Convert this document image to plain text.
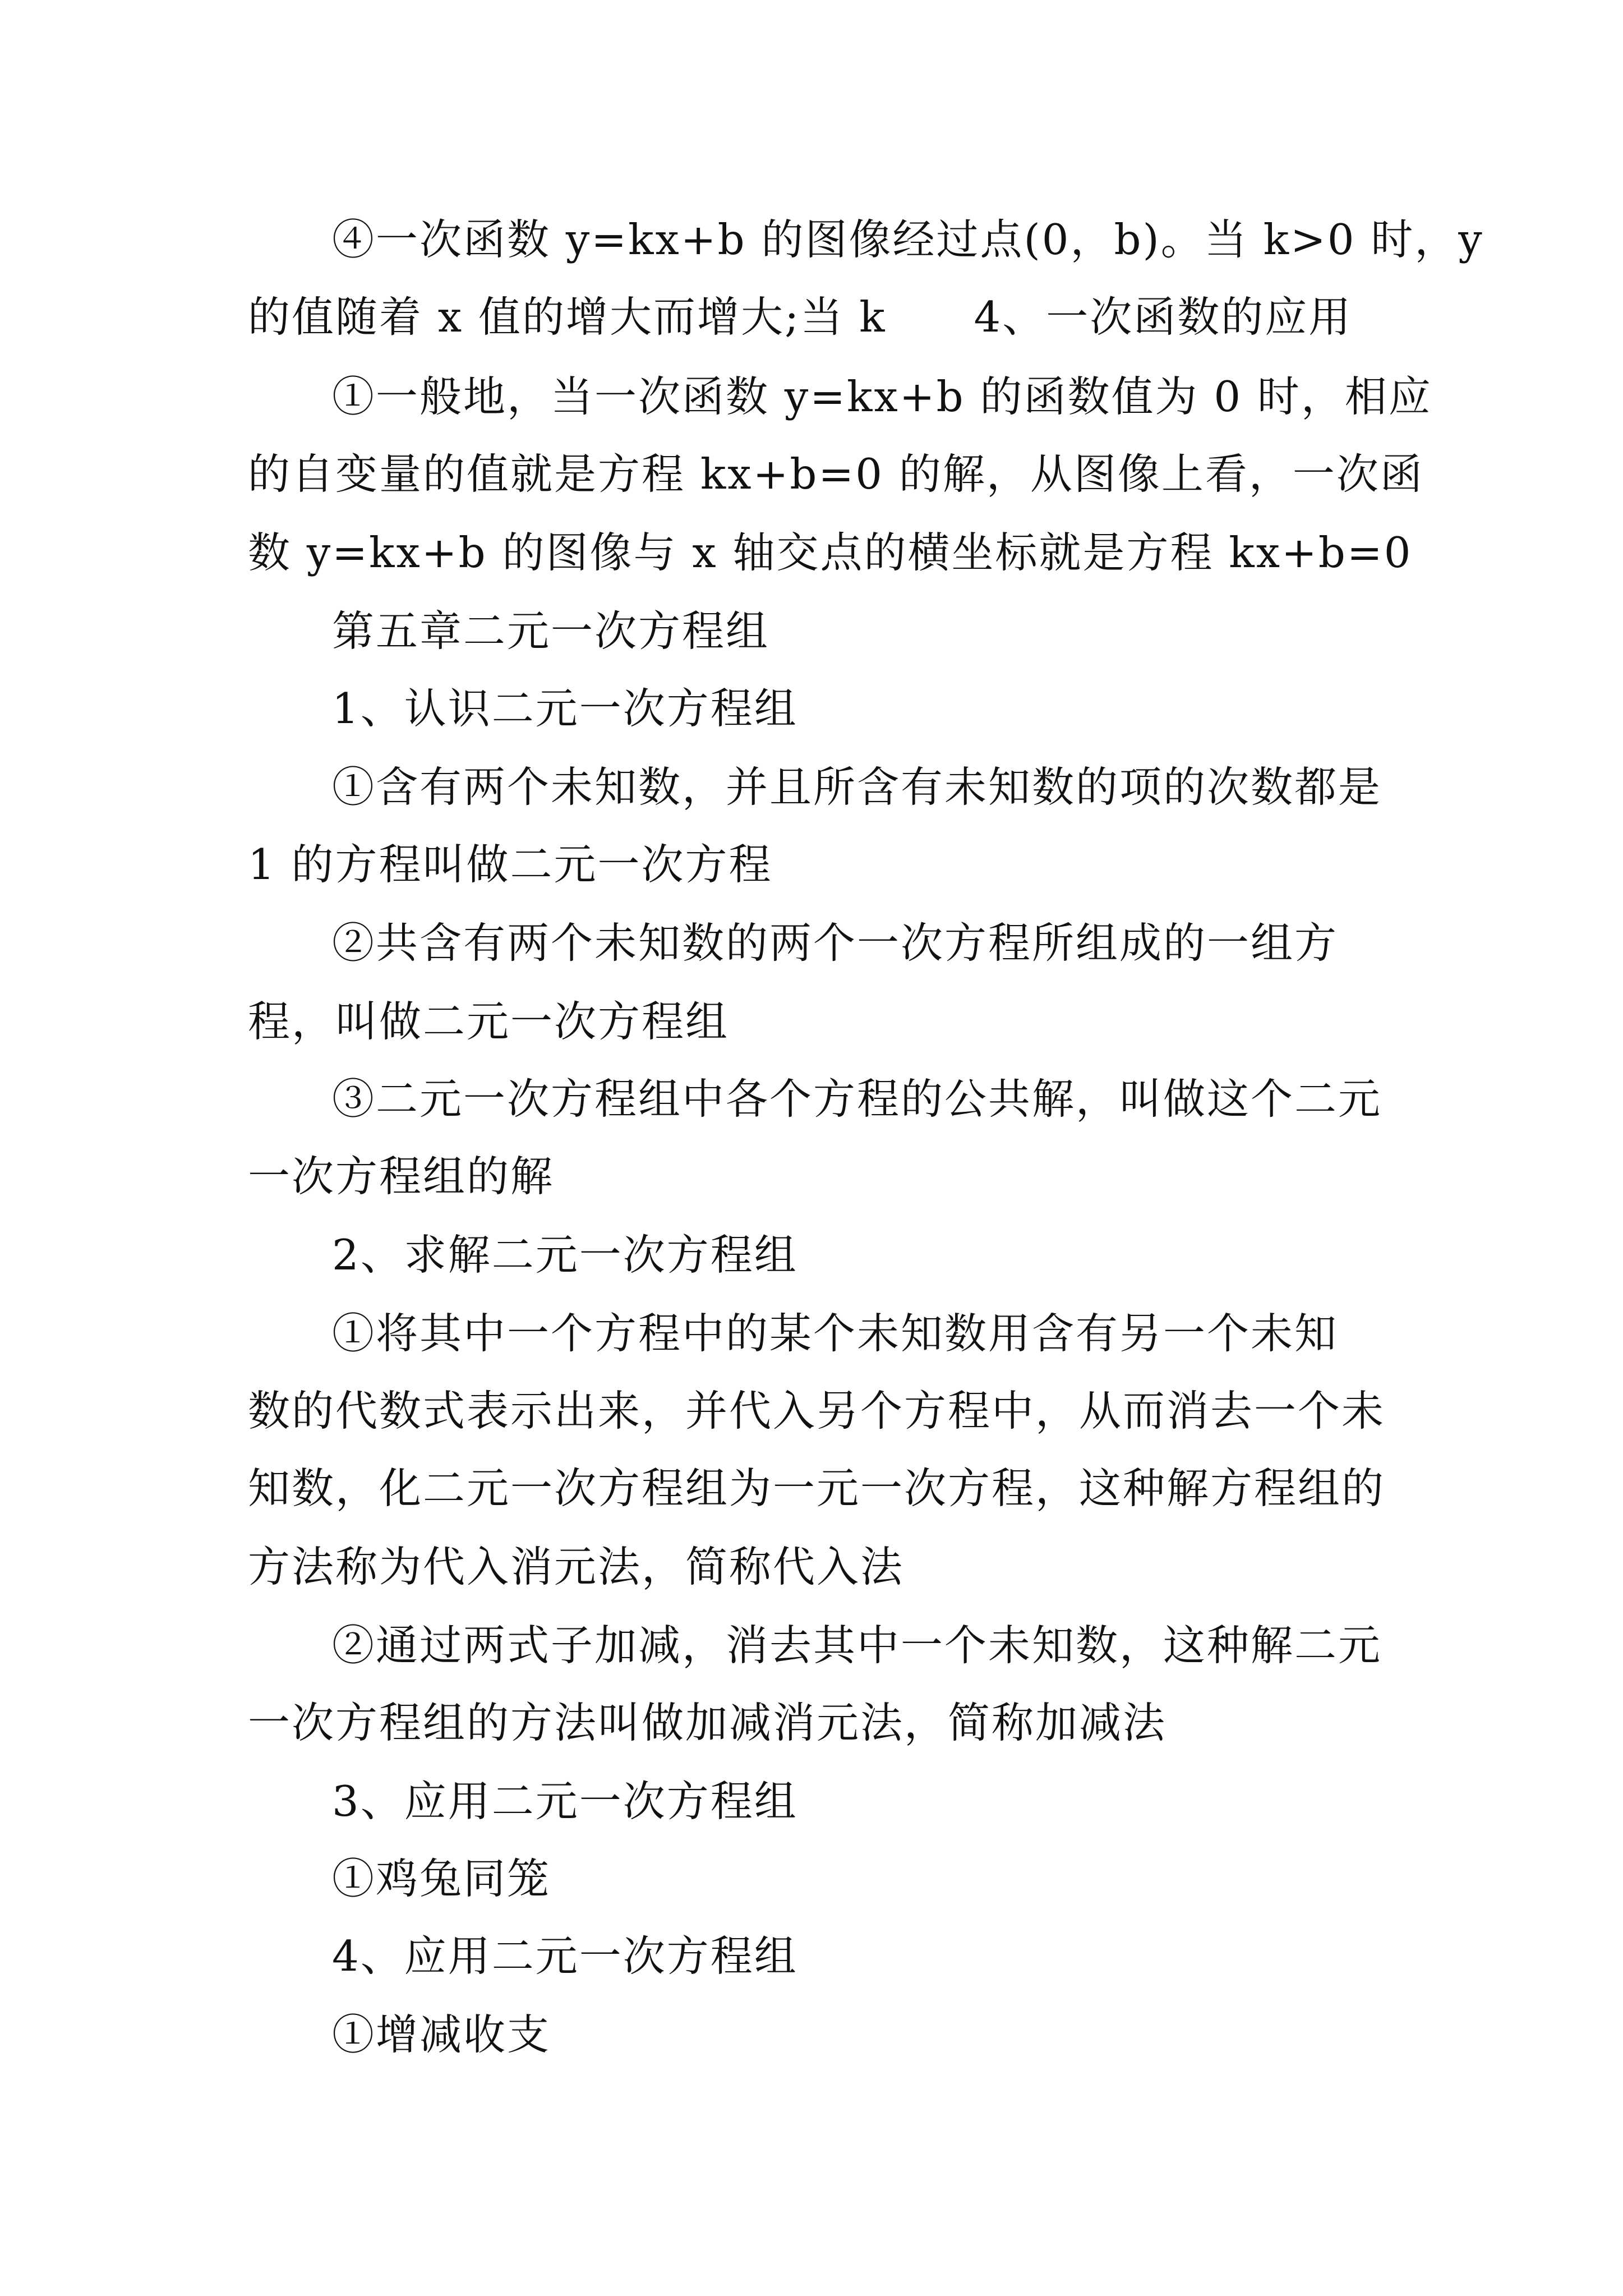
④一次函数 y=kx+b 的图像经过点(0，b)。当 k>0 时，y
的值随着 x 值的增大而增大;当 k　　4、一次函数的应用
①一般地，当一次函数 y=kx+b 的函数值为 0 时，相应
的自变量的值就是方程 kx+b=0 的解，从图像上看，一次函
数 y=kx+b 的图像与 x 轴交点的横坐标就是方程 kx+b=0
第五章二元一次方程组
1、认识二元一次方程组
①含有两个未知数，并且所含有未知数的项的次数都是
1 的方程叫做二元一次方程
②共含有两个未知数的两个一次方程所组成的一组方
程，叫做二元一次方程组
③二元一次方程组中各个方程的公共解，叫做这个二元
一次方程组的解
2、求解二元一次方程组
①将其中一个方程中的某个未知数用含有另一个未知
数的代数式表示出来，并代入另个方程中，从而消去一个未
知数，化二元一次方程组为一元一次方程，这种解方程组的
方法称为代入消元法，简称代入法
②通过两式子加减，消去其中一个未知数，这种解二元
一次方程组的方法叫做加减消元法，简称加减法
3、应用二元一次方程组
①鸡兔同笼
4、应用二元一次方程组
①增减收支
